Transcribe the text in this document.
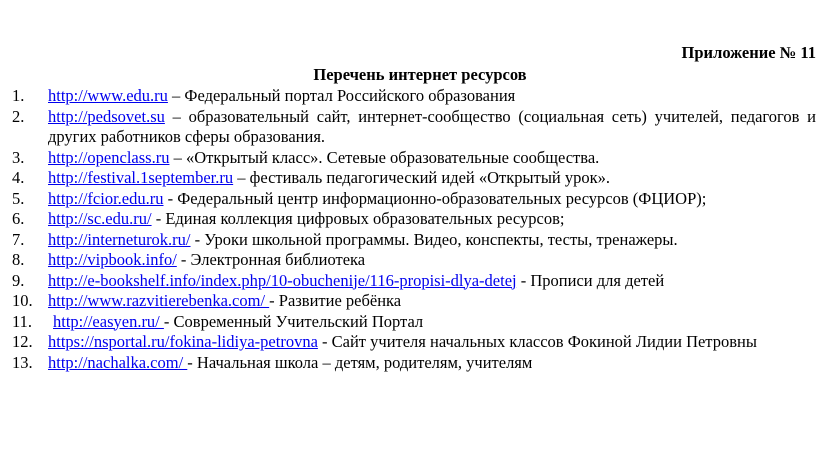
Приложение № 11
Перечень интернет ресурсов
1. http://www.edu.ru – Федеральный портал Российского образования
2. http://pedsovet.su – образовательный сайт, интернет-сообщество (социальная сеть) учителей, педагогов и других работников сферы образования.
3. http://openclass.ru – «Открытый класс». Сетевые образовательные сообщества.
4. http://festival.1september.ru – фестиваль педагогический идей «Открытый урок».
5. http://fcior.edu.ru - Федеральный центр информационно-образовательных ресурсов (ФЦИОР);
6. http://sc.edu.ru/ - Единая коллекция цифровых образовательных ресурсов;
7. http://interneturok.ru/ - Уроки школьной программы. Видео, конспекты, тесты, тренажеры.
8. http://vipbook.info/ - Электронная библиотека
9. http://e-bookshelf.info/index.php/10-obuchenije/116-propisi-dlya-detej - Прописи для детей
10. http://www.razvitierebenka.com/ - Развитие ребёнка
11. http://easyen.ru/ - Современный Учительский Портал
12. https://nsportal.ru/fokina-lidiya-petrovna - Сайт учителя начальных классов Фокиной Лидии Петровны
13. http://nachalka.com/ - Начальная школа – детям, родителям, учителям
